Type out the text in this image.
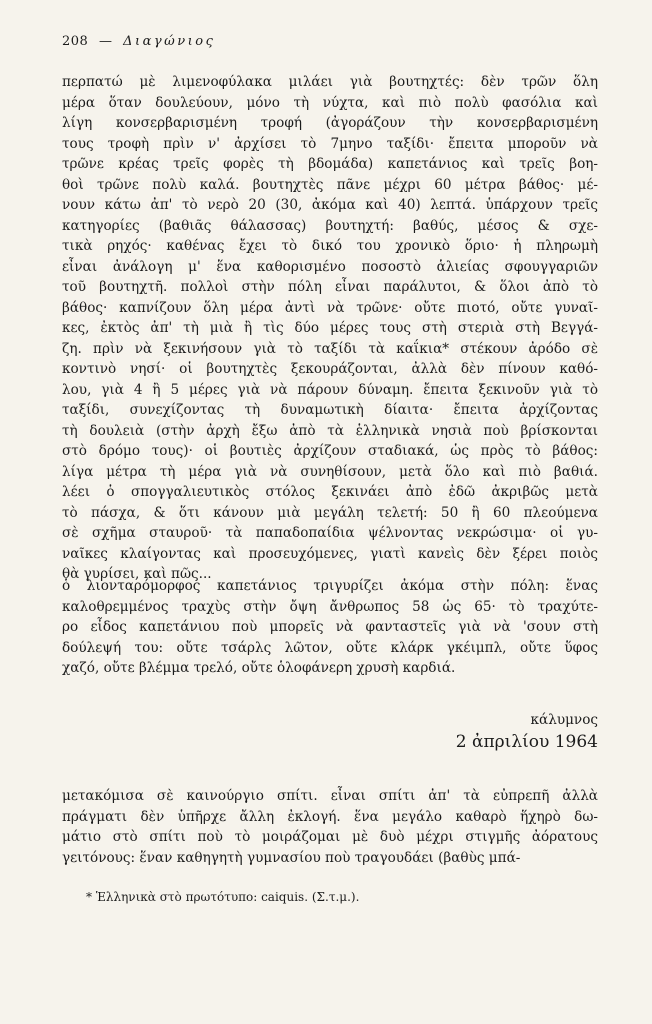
208 — Διαγώνιος
περπατώ μὲ λιμενοφύλακα μιλάει γιὰ βουτηχτές: δὲν τρῶν ὅλη
μέρα ὅταν δουλεύουν, μόνο τὴ νύχτα, καὶ πιὸ πολὺ φασόλια καὶ
λίγη κονσερβαρισμένη τροφή (ἀγοράζουν τὴν κονσερβαρισμένη
τους τροφὴ πρὶν ν' ἀρχίσει τὸ 7μηνο ταξίδι· ἔπειτα μποροῦν νὰ
τρῶνε κρέας τρεῖς φορὲς τὴ βδομάδα) καπετάνιος καὶ τρεῖς βοη-
θοὶ τρῶνε πολὺ καλά. βουτηχτὲς πᾶνε μέχρι 60 μέτρα βάθος· μέ-
νουν κάτω ἀπ' τὸ νερὸ 20 (30, ἀκόμα καὶ 40) λεπτά. ὑπάρχουν τρεῖς
κατηγορίες (βαθιᾶς θάλασσας) βουτηχτή: βαθύς, μέσος & σχε-
τικὰ ρηχός· καθένας ἔχει τὸ δικό του χρονικὸ ὅριο· ἡ πληρωμὴ
εἶναι ἀνάλογη μ' ἕνα καθορισμένο ποσοστὸ ἁλιείας σφουγγαριῶν
τοῦ βουτηχτῆ. πολλοὶ στὴν πόλη εἶναι παράλυτοι, & ὅλοι ἀπὸ τὸ
βάθος· καπνίζουν ὅλη μέρα ἀντὶ νὰ τρῶνε· οὔτε πιοτό, οὔτε γυναῖ-
κες, ἐκτὸς ἀπ' τὴ μιὰ ἢ τὶς δύο μέρες τους στὴ στεριὰ στὴ Βεγγά-
ζη. πρὶν νὰ ξεκινήσουν γιὰ τὸ ταξίδι τὰ καΐκια* στέκουν ἀρόδο σὲ
κοντινὸ νησί· οἱ βουτηχτὲς ξεκουράζονται, ἀλλὰ δὲν πίνουν καθό-
λου, γιὰ 4 ἢ 5 μέρες γιὰ νὰ πάρουν δύναμη. ἔπειτα ξεκινοῦν γιὰ τὸ
ταξίδι, συνεχίζοντας τὴ δυναμωτικὴ δίαιτα· ἔπειτα ἀρχίζοντας
τὴ δουλειὰ (στὴν ἀρχὴ ἔξω ἀπὸ τὰ ἑλληνικὰ νησιὰ ποὺ βρίσκονται
στὸ δρόμο τους)· οἱ βουτιὲς ἀρχίζουν σταδιακά, ὡς πρὸς τὸ βάθος:
λίγα μέτρα τὴ μέρα γιὰ νὰ συνηθίσουν, μετὰ ὅλο καὶ πιὸ βαθιά.
λέει ὁ σπογγαλιευτικὸς στόλος ξεκινάει ἀπὸ ἐδῶ ἀκριβῶς μετὰ
τὸ πάσχα, & ὅτι κάνουν μιὰ μεγάλη τελετή: 50 ἢ 60 πλεούμενα
σὲ σχῆμα σταυροῦ· τὰ παπαδοπαίδια ψέλνοντας νεκρώσιμα· οἱ γυ-
ναῖκες κλαίγοντας καὶ προσευχόμενες, γιατὶ κανεὶς δὲν ξέρει ποιὸς
θὰ γυρίσει, καὶ πῶς...
ὁ λιονταρόμορφος καπετάνιος τριγυρίζει ἀκόμα στὴν πόλη: ἕνας
καλοθρεμμένος τραχὺς στὴν ὄψη ἄνθρωπος 58 ὡς 65· τὸ τραχύτε-
ρο εἶδος καπετάνιου ποὺ μπορεῖς νὰ φανταστεῖς γιὰ νὰ 'σουν στὴ
δούλεψή του: οὔτε τσάρλς λῶτον, οὔτε κλάρκ γκέιμπλ, οὔτε ὕφος
χαζό, οὔτε βλέμμα τρελό, οὔτε ὁλοφάνερη χρυσὴ καρδιά.
κάλυμνος
2 ἀπριλίου 1964
μετακόμισα σὲ καινούργιο σπίτι. εἶναι σπίτι ἀπ' τὰ εὐπρεπῆ ἀλλὰ
πράγματι δὲν ὑπῆρχε ἄλλη ἐκλογή. ἕνα μεγάλο καθαρὸ ἥχηρὸ δω-
μάτιο στὸ σπίτι ποὺ τὸ μοιράζομαι μὲ δυὸ μέχρι στιγμῆς ἀόρατους
γειτόνους: ἕναν καθηγητὴ γυμνασίου ποὺ τραγουδάει (βαθὺς μπά-
* Ἑλληνικὰ στὸ πρωτότυπο: caiquis. (Σ.τ.μ.).
